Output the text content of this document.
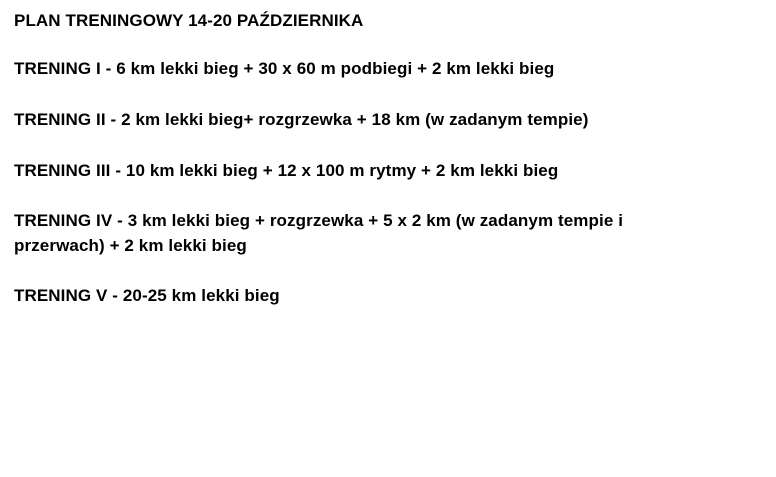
PLAN TRENINGOWY 14-20 PAŹDZIERNIKA

TRENING I - 6 km lekki bieg + 30 x 60 m podbiegi + 2 km lekki bieg

TRENING II - 2 km lekki bieg+ rozgrzewka + 18 km (w zadanym tempie)

TRENING III - 10 km lekki bieg + 12 x 100 m rytmy + 2 km lekki bieg

TRENING IV - 3 km lekki bieg + rozgrzewka + 5 x 2 km (w zadanym tempie i przerwach) + 2 km lekki bieg

TRENING V - 20-25 km lekki bieg
